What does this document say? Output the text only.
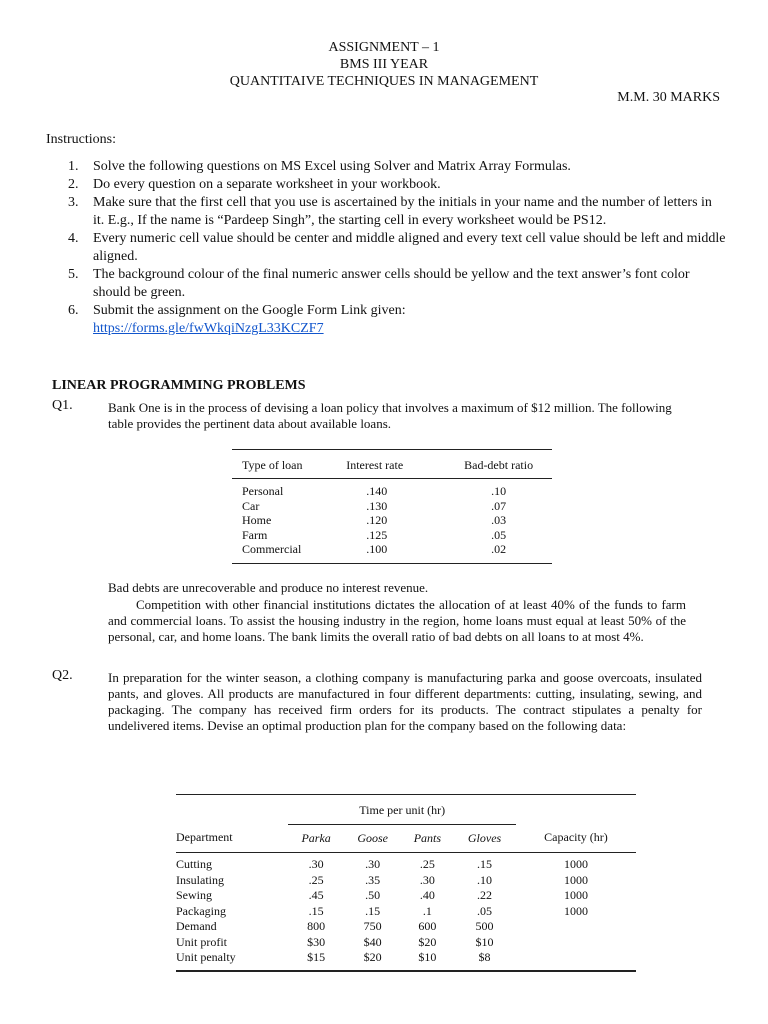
ASSIGNMENT – 1
BMS III YEAR
QUANTITAIVE TECHNIQUES IN MANAGEMENT
M.M. 30 MARKS
Instructions:
1. Solve the following questions on MS Excel using Solver and Matrix Array Formulas.
2. Do every question on a separate worksheet in your workbook.
3. Make sure that the first cell that you use is ascertained by the initials in your name and the number of letters in it. E.g., If the name is “Pardeep Singh”, the starting cell in every worksheet would be PS12.
4. Every numeric cell value should be center and middle aligned and every text cell value should be left and middle aligned.
5. The background colour of the final numeric answer cells should be yellow and the text answer’s font color should be green.
6. Submit the assignment on the Google Form Link given:
https://forms.gle/fwWkqiNzgL33KCZF7
LINEAR PROGRAMMING PROBLEMS
Q1.	Bank One is in the process of devising a loan policy that involves a maximum of $12 million. The following table provides the pertinent data about available loans.
Type of loan	Interest rate	Bad-debt ratio
Personal	.140	.10
Car	.130	.07
Home	.120	.03
Farm	.125	.05
Commercial	.100	.02
Bad debts are unrecoverable and produce no interest revenue.
Competition with other financial institutions dictates the allocation of at least 40% of the funds to farm and commercial loans. To assist the housing industry in the region, home loans must equal at least 50% of the personal, car, and home loans. The bank limits the overall ratio of bad debts on all loans to at most 4%.
Q2.	In preparation for the winter season, a clothing company is manufacturing parka and goose overcoats, insulated pants, and gloves. All products are manufactured in four different departments: cutting, insulating, sewing, and packaging. The company has received firm orders for its products. The contract stipulates a penalty for undelivered items. Devise an optimal production plan for the company based on the following data:
	Time per unit (hr)				
Department	Parka	Goose	Pants	Gloves	Capacity (hr)
Cutting	.30	.30	.25	.15	1000
Insulating	.25	.35	.30	.10	1000
Sewing	.45	.50	.40	.22	1000
Packaging	.15	.15	.1	.05	1000
Demand	800	750	600	500	
Unit profit	$30	$40	$20	$10	
Unit penalty	$15	$20	$10	$8	
